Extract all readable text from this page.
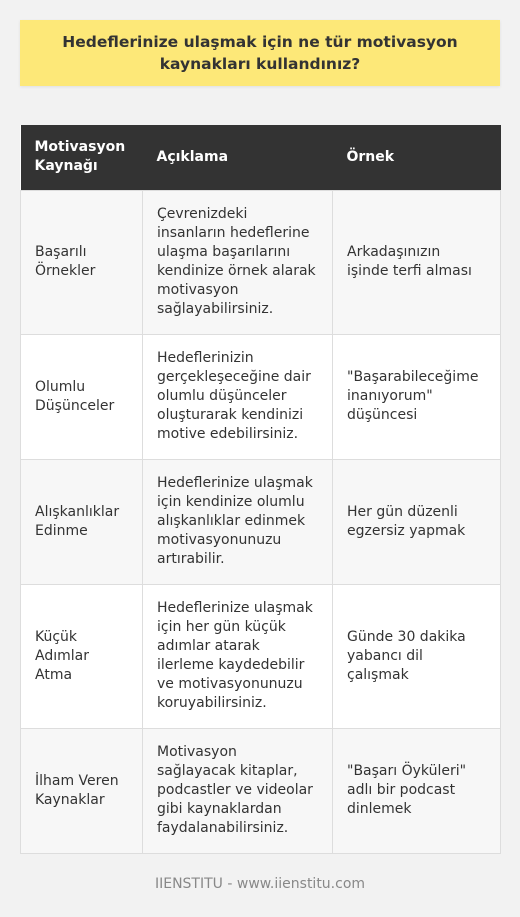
Hedeflerinize ulaşmak için ne tür motivasyon kaynakları kullandınız?
Motivasyon Kaynağı	Açıklama	Örnek
Başarılı Örnekler	Çevrenizdeki insanların hedeflerine ulaşma başarılarını kendinize örnek alarak motivasyon sağlayabilirsiniz.	Arkadaşınızın işinde terfi alması
Olumlu Düşünceler	Hedeflerinizin gerçekleşeceğine dair olumlu düşünceler oluşturarak kendinizi motive edebilirsiniz.	"Başarabileceğime inanıyorum" düşüncesi
Alışkanlıklar Edinme	Hedeflerinize ulaşmak için kendinize olumlu alışkanlıklar edinmek motivasyonunuzu artırabilir.	Her gün düzenli egzersiz yapmak
Küçük Adımlar Atma	Hedeflerinize ulaşmak için her gün küçük adımlar atarak ilerleme kaydedebilir ve motivasyonunuzu koruyabilirsiniz.	Günde 30 dakika yabancı dil çalışmak
İlham Veren Kaynaklar	Motivasyon sağlayacak kitaplar, podcastler ve videolar gibi kaynaklardan faydalanabilirsiniz.	"Başarı Öyküleri" adlı bir podcast dinlemek
IIENSTITU - www.iienstitu.com
